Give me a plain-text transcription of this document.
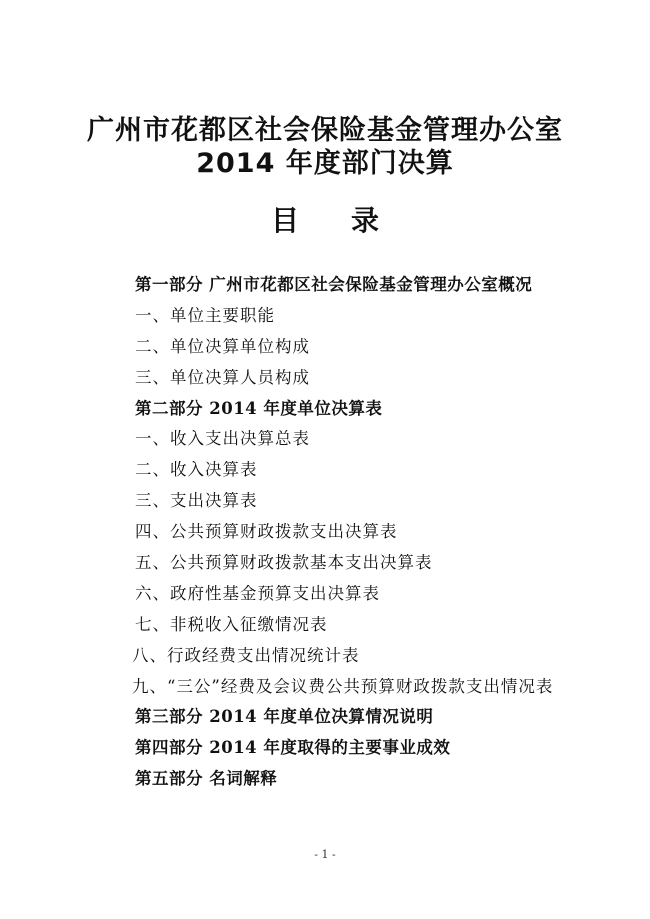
广州市花都区社会保险基金管理办公室
2014 年度部门决算
目 录
第一部分 广州市花都区社会保险基金管理办公室概况
一、单位主要职能
二、单位决算单位构成
三、单位决算人员构成
第二部分 2014 年度单位决算表
一、收入支出决算总表
二、收入决算表
三、支出决算表
四、公共预算财政拨款支出决算表
五、公共预算财政拨款基本支出决算表
六、政府性基金预算支出决算表
七、非税收入征缴情况表
八、行政经费支出情况统计表
九、“三公”经费及会议费公共预算财政拨款支出情况表
第三部分 2014 年度单位决算情况说明
第四部分 2014 年度取得的主要事业成效
第五部分 名词解释
- 1 -
